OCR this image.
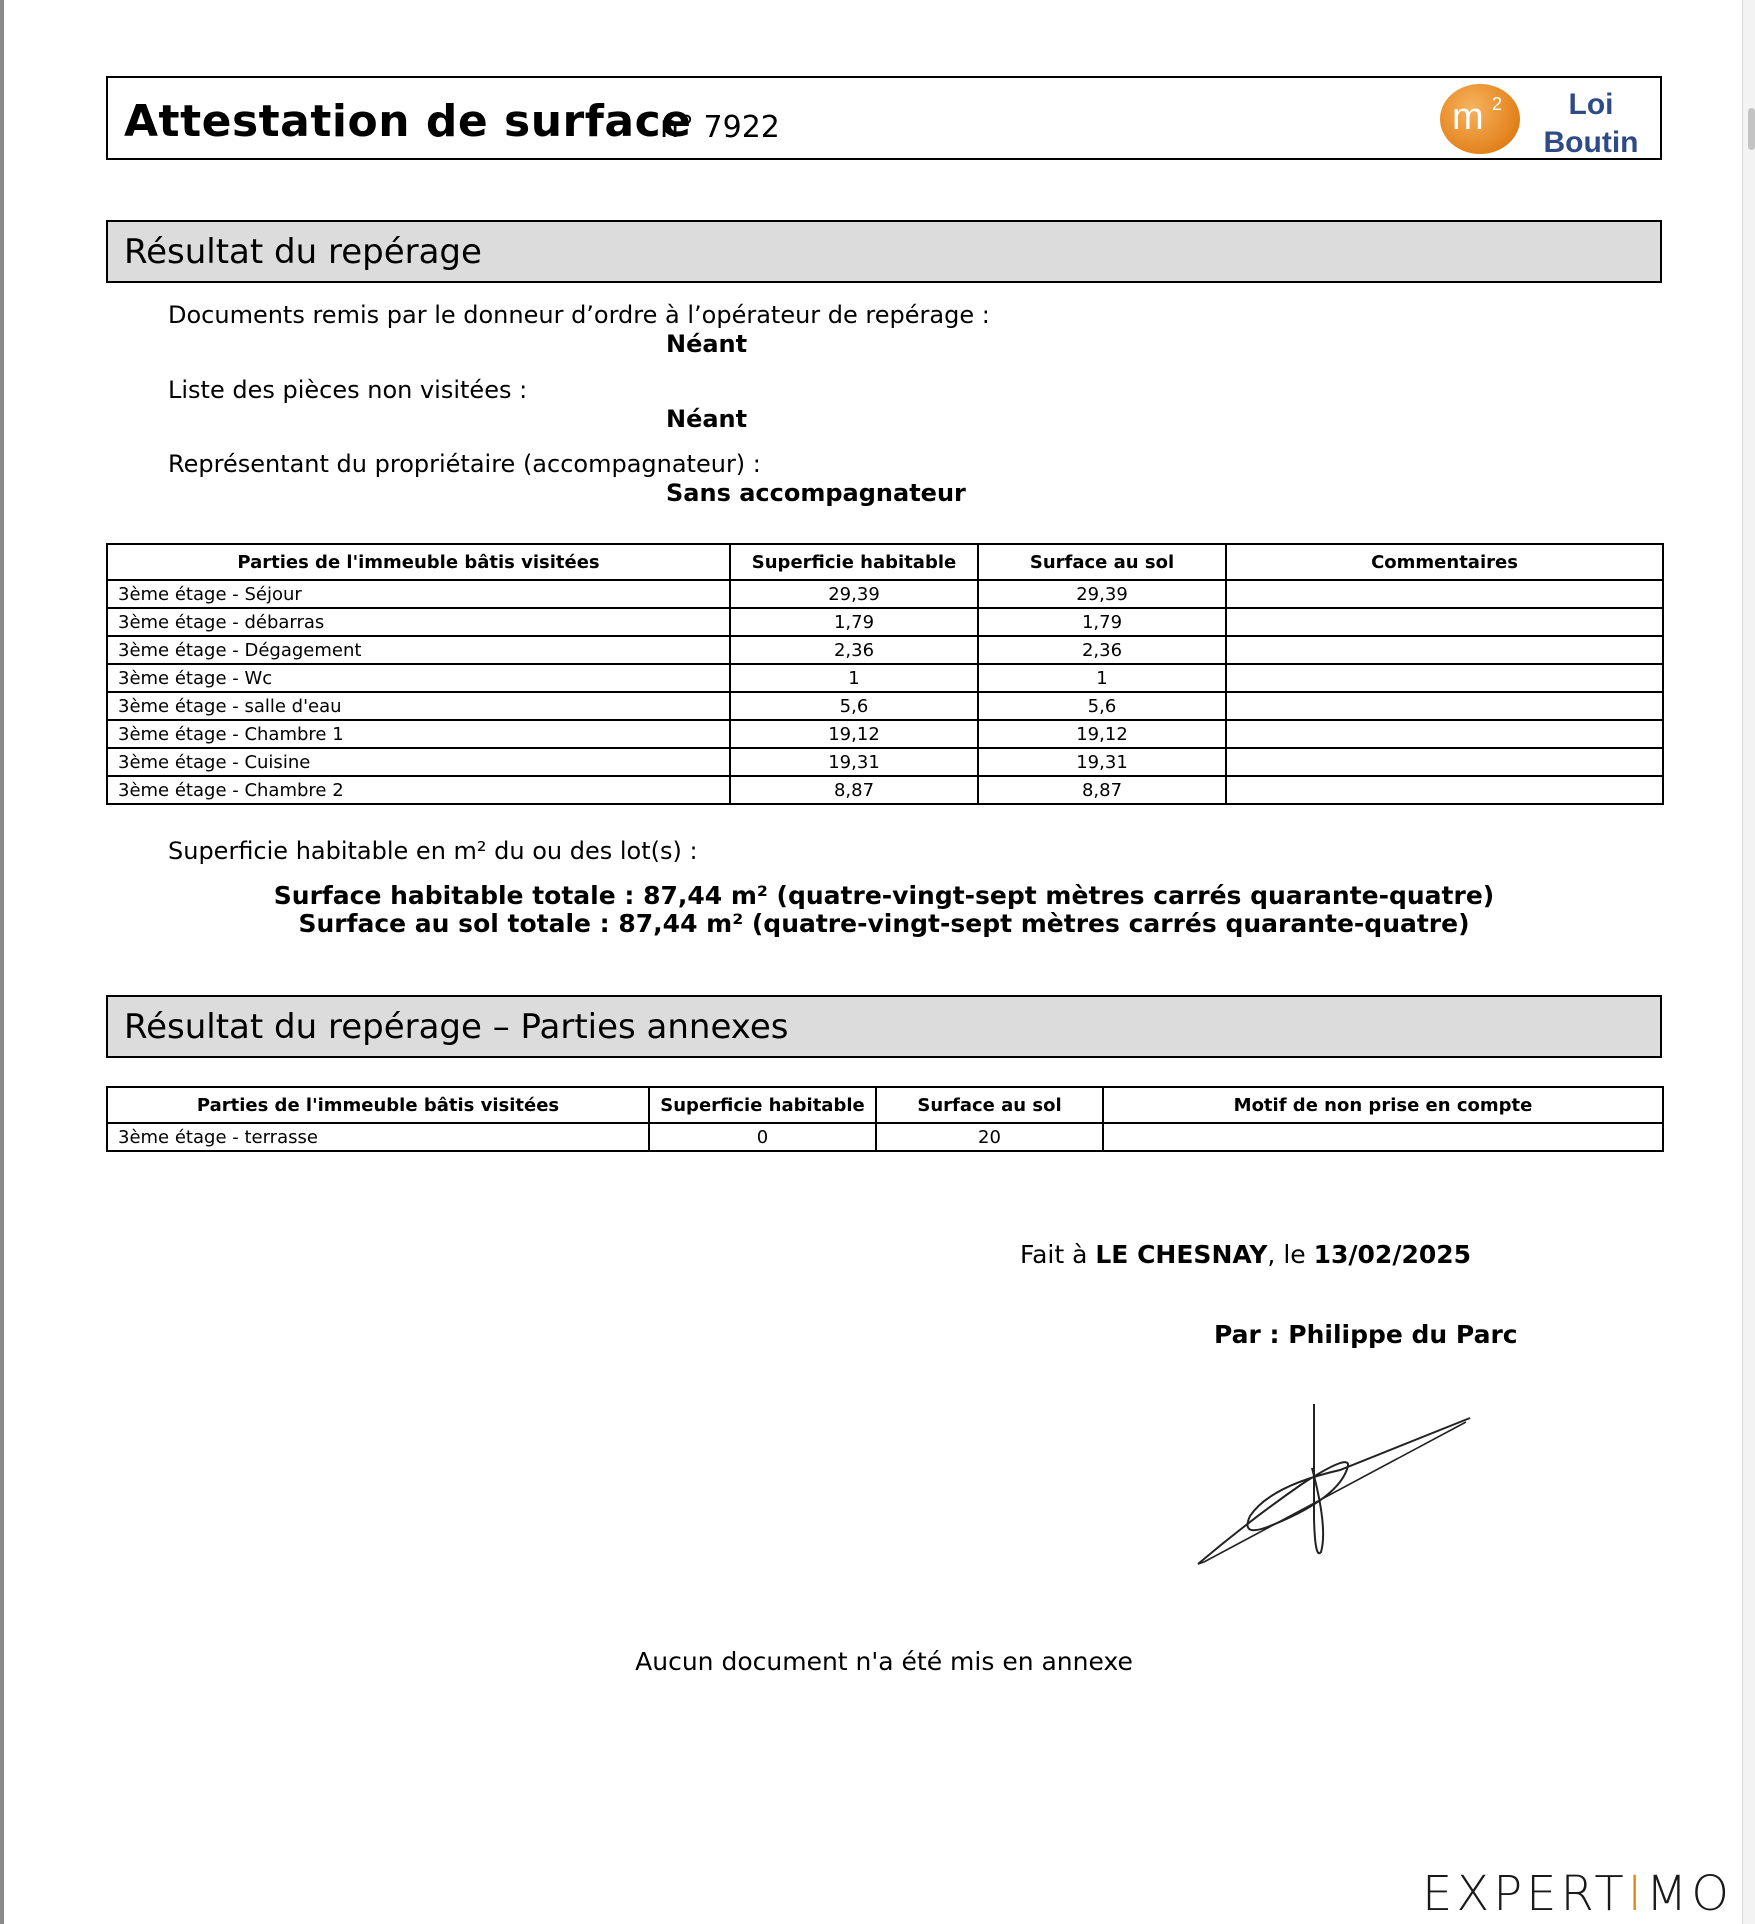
Attestation de surface
n° 7922	m 2	Loi
Boutin
Résultat du repérage
Documents remis par le donneur d’ordre à l’opérateur de repérage :
Néant
Liste des pièces non visitées :
Néant
Représentant du propriétaire (accompagnateur) :
Sans accompagnateur
Parties de l'immeuble bâtis visitées	Superficie habitable	Surface au sol	Commentaires
3ème étage - Séjour	29,39	29,39	
3ème étage - débarras	1,79	1,79	
3ème étage - Dégagement	2,36	2,36	
3ème étage - Wc	1	1	
3ème étage - salle d'eau	5,6	5,6	
3ème étage - Chambre 1	19,12	19,12	
3ème étage - Cuisine	19,31	19,31	
3ème étage - Chambre 2	8,87	8,87	
Superficie habitable en m² du ou des lot(s) :
Surface habitable totale : 87,44 m² (quatre-vingt-sept mètres carrés quarante-quatre)
Surface au sol totale : 87,44 m² (quatre-vingt-sept mètres carrés quarante-quatre)
Résultat du repérage – Parties annexes
Parties de l'immeuble bâtis visitées	Superficie habitable	Surface au sol	Motif de non prise en compte
3ème étage - terrasse	0	20	
Fait à LE CHESNAY, le 13/02/2025
Par : Philippe du Parc
Aucun document n'a été mis en annexe
EXPERTIMO
